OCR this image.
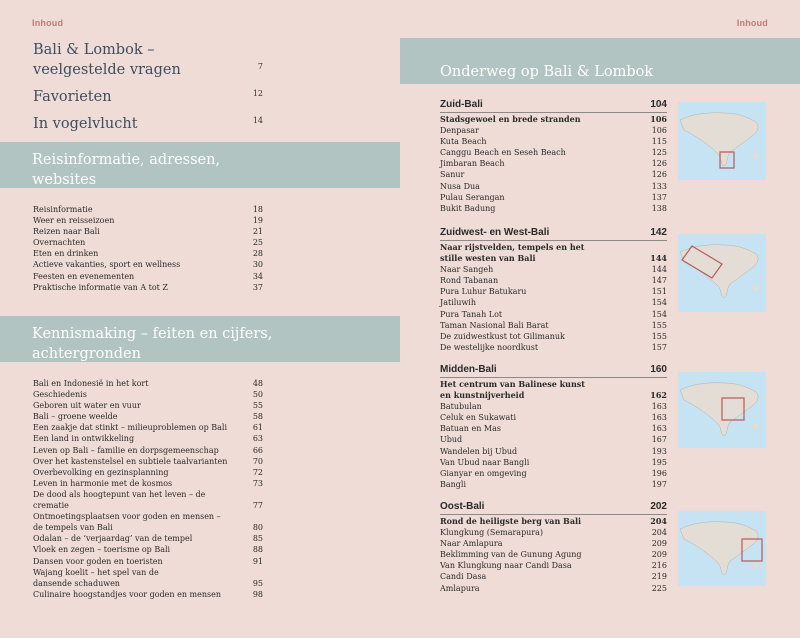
Inhoud
Bali & Lombok –
veelgestelde vragen	7
Favorieten	12
In vogelvlucht	14
Reisinformatie, adressen,
websites
Reisinformatie	18
Weer en reisseizoen	19
Reizen naar Bali	21
Overnachten	25
Eten en drinken	28
Actieve vakanties, sport en wellness	30
Feesten en evenementen	34
Praktische informatie van A tot Z	37
Kennismaking – feiten en cijfers,
achtergronden
Bali en Indonesië in het kort	48
Geschiedenis	50
Geboren uit water en vuur	55
Bali – groene weelde	58
Een zaakje dat stinkt – milieuproblemen op Bali	61
Een land in ontwikkeling	63
Leven op Bali – familie en dorpsgemeenschap	66
Over het kastenstelsel en subtiele taalvarianten	70
Overbevolking en gezinsplanning	72
Leven in harmonie met de kosmos	73
De dood als hoogtepunt van het leven – de crematie	77
Ontmoetingsplaatsen voor goden en mensen –
de tempels van Bali	80
Odalan – de ‘verjaardag’ van de tempel	85
Vloek en zegen – toerisme op Bali	88
Dansen voor goden en toeristen	91
Wajang koelit – het spel van de
dansende schaduwen	95
Culinaire hoogstandjes voor goden en mensen	98
Inhoud
Onderweg op Bali & Lombok
Zuid-Bali	104
Stadsgewoel en brede stranden	106
Denpasar	106
Kuta Beach	115
Canggu Beach en Seseh Beach	125
Jimbaran Beach	126
Sanur	126
Nusa Dua	133
Pulau Serangan	137
Bukit Badung	138
Zuidwest- en West-Bali	142
Naar rijstvelden, tempels en het
stille westen van Bali	144
Naar Sangeh	144
Rond Tabanan	147
Pura Luhur Batukaru	151
Jatiluwih	154
Pura Tanah Lot	154
Taman Nasional Bali Barat	155
De zuidwestkust tot Gilimanuk	155
De westelijke noordkust	157
Midden-Bali	160
Het centrum van Balinese kunst
en kunstnijverheid	162
Batubulan	163
Celuk en Sukawati	163
Batuan en Mas	163
Ubud	167
Wandelen bij Ubud	193
Van Ubud naar Bangli	195
Gianyar en omgeving	196
Bangli	197
Oost-Bali	202
Rond de heiligste berg van Bali	204
Klungkung (Semarapura)	204
Naar Amlapura	209
Beklimming van de Gunung Agung	209
Van Klungkung naar Candi Dasa	216
Candi Dasa	219
Amlapura	225
